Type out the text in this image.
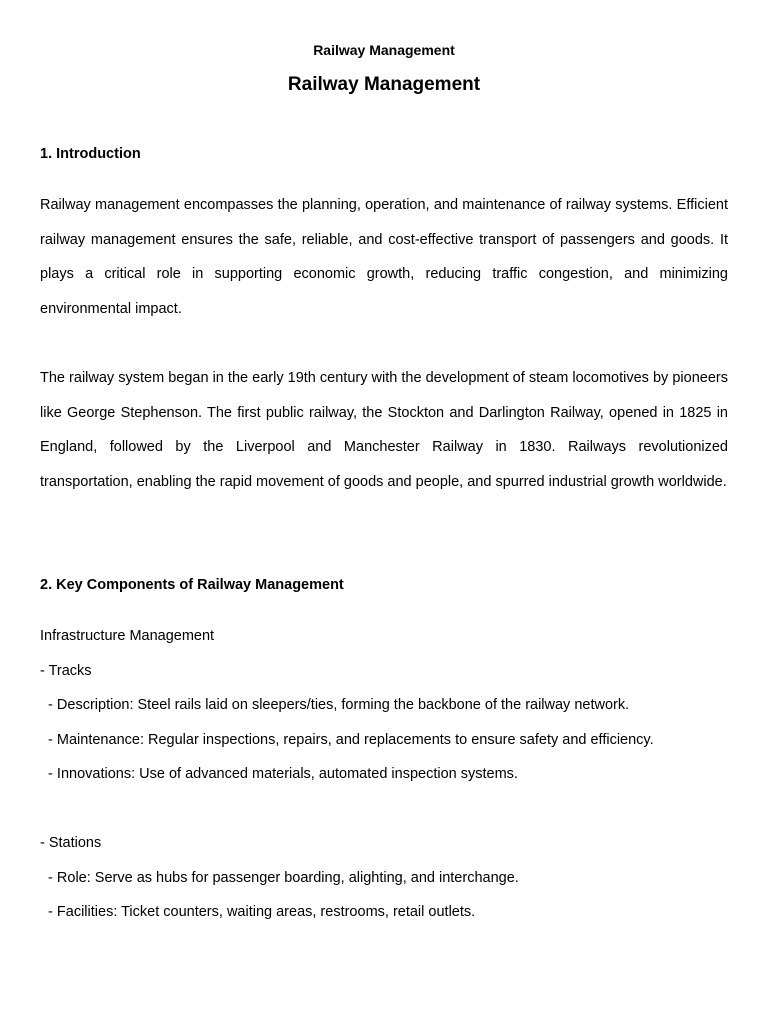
Railway Management
Railway Management

1. Introduction

Railway management encompasses the planning, operation, and maintenance of railway systems. Efficient railway management ensures the safe, reliable, and cost-effective transport of passengers and goods. It plays a critical role in supporting economic growth, reducing traffic congestion, and minimizing environmental impact.

The railway system began in the early 19th century with the development of steam locomotives by pioneers like George Stephenson. The first public railway, the Stockton and Darlington Railway, opened in 1825 in England, followed by the Liverpool and Manchester Railway in 1830. Railways revolutionized transportation, enabling the rapid movement of goods and people, and spurred industrial growth worldwide.

2. Key Components of Railway Management

Infrastructure Management

- Tracks

- Description: Steel rails laid on sleepers/ties, forming the backbone of the railway network.

- Maintenance: Regular inspections, repairs, and replacements to ensure safety and efficiency.

- Innovations: Use of advanced materials, automated inspection systems.

- Stations

- Role: Serve as hubs for passenger boarding, alighting, and interchange.

- Facilities: Ticket counters, waiting areas, restrooms, retail outlets.
